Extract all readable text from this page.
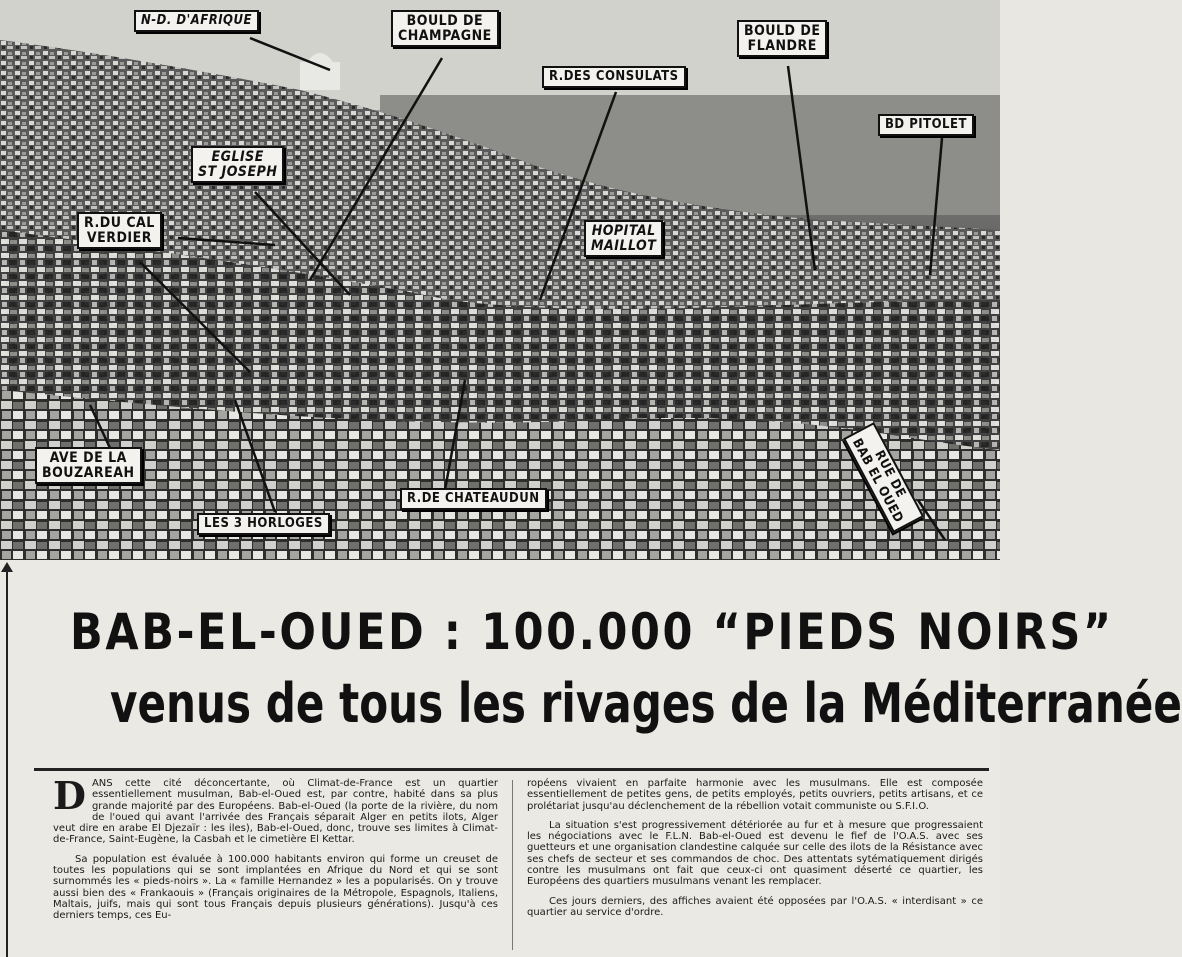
N-D. D'AFRIQUE	BOULD DE
CHAMPAGNE
R.DES CONSULATS
BOULD DE
FLANDRE
BD PITOLET
EGLISE
ST JOSEPH
R.DU CAL
VERDIER	HOPITAL
MAILLOT
AVE DE LA
BOUZAREAH
LES 3 HORLOGES
R.DE CHATEAUDUN	RUE DE
BAB EL OUED
BAB-EL-OUED : 100.000 “PIEDS NOIRS”
venus de tous les rivages de la Méditerranée

DANS cette cité déconcertante, où Climat-de-France est un quartier essentiellement musulman, Bab-el-Oued est, par contre, habité dans sa plus grande majorité par des Européens. Bab-el-Oued (la porte de la rivière, du nom de l'oued qui avant l'arrivée des Français séparait Alger en petits ilots, Alger veut dire en arabe El Djezaïr : les iles), Bab-el-Oued, donc, trouve ses limites à Climat-de-France, Saint-Eugène, la Casbah et le cimetière El Kettar.

Sa population est évaluée à 100.000 habitants environ qui forme un creuset de toutes les populations qui se sont implantées en Afrique du Nord et qui se sont surnommés les « pieds-noirs ». La « famille Hernandez » les a popularisés. On y trouve aussi bien des « Frankaouis » (Français originaires de la Métropole, Espagnols, Italiens, Maltais, juifs, mais qui sont tous Français depuis plusieurs générations). Jusqu'à ces derniers temps, ces Eu-

ropéens vivaient en parfaite harmonie avec les musulmans. Elle est composée essentiellement de petites gens, de petits employés, petits ouvriers, petits artisans, et ce prolétariat jusqu'au déclenchement de la rébellion votait communiste ou S.F.I.O.

La situation s'est progressivement détériorée au fur et à mesure que progressaient les négociations avec le F.L.N. Bab-el-Oued est devenu le fief de l'O.A.S. avec ses guetteurs et une organisation clandestine calquée sur celle des ilots de la Résistance avec ses chefs de secteur et ses commandos de choc. Des attentats sytématiquement dirigés contre les musulmans ont fait que ceux-ci ont quasiment déserté ce quartier, les Européens des quartiers musulmans venant les remplacer.

Ces jours derniers, des affiches avaient été opposées par l'O.A.S. « interdisant » ce quartier au service d'ordre.
